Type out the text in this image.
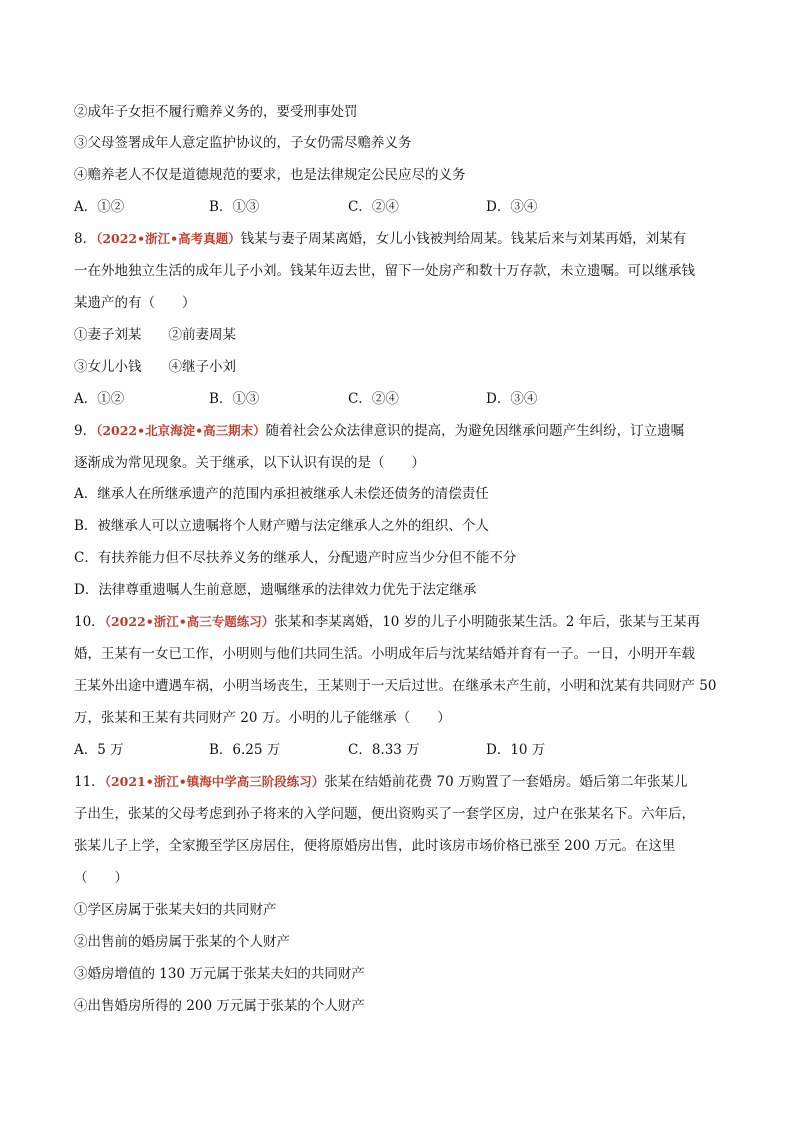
②成年子女拒不履行赡养义务的，要受刑事处罚
③父母签署成年人意定监护协议的，子女仍需尽赡养义务
④赡养老人不仅是道德规范的要求，也是法律规定公民应尽的义务
A．①②	B．①③	C．②④	D．③④
8．（2022•浙江•高考真题）钱某与妻子周某离婚，女儿小钱被判给周某。钱某后来与刘某再婚，刘某有
一在外地独立生活的成年儿子小刘。钱某年迈去世，留下一处房产和数十万存款，未立遗嘱。可以继承钱
某遗产的有（　　）
①妻子刘某　　②前妻周某
③女儿小钱　　④继子小刘
A．①②	B．①③	C．②④	D．③④
9．（2022•北京海淀•高三期末）随着社会公众法律意识的提高，为避免因继承问题产生纠纷，订立遗嘱
逐渐成为常见现象。关于继承，以下认识有误的是（　　）
A．继承人在所继承遗产的范围内承担被继承人未偿还债务的清偿责任
B．被继承人可以立遗嘱将个人财产赠与法定继承人之外的组织、个人
C．有扶养能力但不尽扶养义务的继承人，分配遗产时应当少分但不能不分
D．法律尊重遗嘱人生前意愿，遗嘱继承的法律效力优先于法定继承
10．（2022•浙江•高三专题练习）张某和李某离婚，10 岁的儿子小明随张某生活。2 年后，张某与王某再
婚，王某有一女已工作，小明则与他们共同生活。小明成年后与沈某结婚并育有一子。一日，小明开车载
王某外出途中遭遇车祸，小明当场丧生，王某则于一天后过世。在继承未产生前，小明和沈某有共同财产 50
万，张某和王某有共同财产 20 万。小明的儿子能继承（　　）
A．5 万	B．6.25 万	C．8.33 万	D．10 万
11．（2021•浙江•镇海中学高三阶段练习）张某在结婚前花费 70 万购置了一套婚房。婚后第二年张某儿
子出生，张某的父母考虑到孙子将来的入学问题，便出资购买了一套学区房，过户在张某名下。六年后，
张某儿子上学，全家搬至学区房居住，便将原婚房出售，此时该房市场价格已涨至 200 万元。在这里
（　　）
①学区房属于张某夫妇的共同财产
②出售前的婚房属于张某的个人财产
③婚房增值的 130 万元属于张某夫妇的共同财产
④出售婚房所得的 200 万元属于张某的个人财产
